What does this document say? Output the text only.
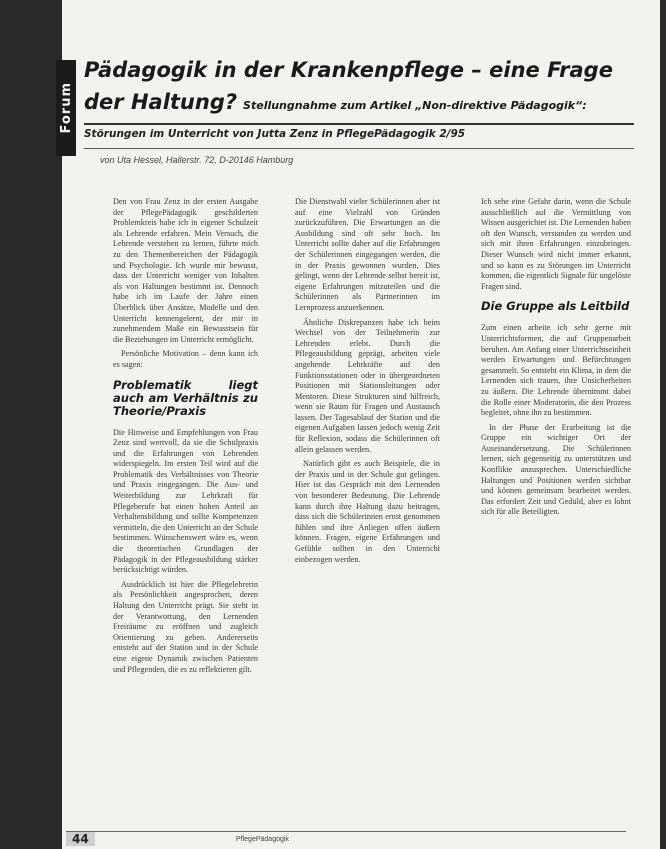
Forum
Pädagogik in der Krankenpflege – eine Frage
der Haltung? Stellungnahme zum Artikel „Non-direktive Pädagogik“:
Störungen im Unterricht von Jutta Zenz in PflegePädagogik 2/95
von Uta Hessel, Hallerstr. 72, D-20146 Hamburg

Den von Frau Zenz in der ersten Ausgabe der PflegePädagogik geschilderten Problemkreis habe ich in eigener Schulzeit als Lehrende erfahren. Mein Versuch, die Lehrende verstehen zu lernen, führte mich zu den Themenbereichen der Pädagogik und Psychologie. Ich wurde mir bewusst, dass der Unterricht weniger von Inhalten als von Haltungen bestimmt ist. Dennoch habe ich im Laufe der Jahre einen Überblick über Ansätze, Modelle und den Unterricht kennengelernt, der mir in zunehmendem Maße ein Bewusstsein für die Beziehungen im Unterricht ermöglicht.

Persönliche Motivation – denn kann ich es sagen:

Problematik liegt auch am Verhältnis zu Theorie/Praxis

Die Hinweise und Empfehlungen von Frau Zenz sind wertvoll, da sie die Schulpraxis und die Erfahrungen von Lehrenden widerspiegeln. Im ersten Teil wird auf die Problematik des Verhältnisses von Theorie und Praxis eingegangen. Die Aus- und Weiterbildung zur Lehrkraft für Pflegeberufe hat einen hohen Anteil an Verhaltensbildung und sollte Kompetenzen vermitteln, die den Unterricht an der Schule bestimmen. Wünschenswert wäre es, wenn die theoretischen Grundlagen der Pädagogik in der Pflegeausbildung stärker berücksichtigt würden.

Ausdrücklich ist hier die Pflegelehrerin als Persönlichkeit angesprochen, deren Haltung den Unterricht prägt. Sie steht in der Verantwortung, den Lernenden Freiräume zu eröffnen und zugleich Orientierung zu geben. Andererseits entsteht auf der Station und in der Schule eine eigene Dynamik zwischen Patienten und Pflegenden, die es zu reflektieren gilt.

Die Dienstwahl vieler Schülerinnen aber ist auf eine Vielzahl von Gründen zurückzuführen. Die Erwartungen an die Ausbildung sind oft sehr hoch. Im Unterricht sollte daher auf die Erfahrungen der Schülerinnen eingegangen werden, die in der Praxis gewonnen wurden. Dies gelingt, wenn der Lehrende selbst bereit ist, eigene Erfahrungen mitzuteilen und die Schülerinnen als Partnerinnen im Lernprozess anzuerkennen.

Ähnliche Diskrepanzen habe ich beim Wechsel von der Teilnehmerin zur Lehrenden erlebt. Durch die Pflegeausbildung geprägt, arbeiten viele angehende Lehrkräfte auf den Funktionsstationen oder in übergeordneten Positionen mit Stationsleitungen oder Mentoren. Diese Strukturen sind hilfreich, wenn sie Raum für Fragen und Austausch lassen. Der Tagesablauf der Station und die eigenen Aufgaben lassen jedoch wenig Zeit für Reflexion, sodass die Schülerinnen oft allein gelassen werden.

Natürlich gibt es auch Beispiele, die in der Praxis und in der Schule gut gelingen. Hier ist das Gespräch mit den Lernenden von besonderer Bedeutung. Die Lehrende kann durch ihre Haltung dazu beitragen, dass sich die Schülerinnen ernst genommen fühlen und ihre Anliegen offen äußern können. Fragen, eigene Erfahrungen und Gefühle sollten in den Unterricht einbezogen werden.

Ich sehe eine Gefahr darin, wenn die Schule ausschließlich auf die Vermittlung von Wissen ausgerichtet ist. Die Lernenden haben oft den Wunsch, verstanden zu werden und sich mit ihren Erfahrungen einzubringen. Dieser Wunsch wird nicht immer erkannt, und so kann es zu Störungen im Unterricht kommen, die eigentlich Signale für ungelöste Fragen sind.

Die Gruppe als Leitbild

Zum einen arbeite ich sehr gerne mit Unterrichtsformen, die auf Gruppenarbeit beruhen. Am Anfang einer Unterrichtseinheit werden Erwartungen und Befürchtungen gesammelt. So entsteht ein Klima, in dem die Lernenden sich trauen, ihre Unsicherheiten zu äußern. Die Lehrende übernimmt dabei die Rolle einer Moderatorin, die den Prozess begleitet, ohne ihn zu bestimmen.

In der Phase der Erarbeitung ist die Gruppe ein wichtiger Ort der Auseinandersetzung. Die Schülerinnen lernen, sich gegenseitig zu unterstützen und Konflikte anzusprechen. Unterschiedliche Haltungen und Positionen werden sichtbar und können gemeinsam bearbeitet werden. Das erfordert Zeit und Geduld, aber es lohnt sich für alle Beteiligten.

44	PflegePädagogik
